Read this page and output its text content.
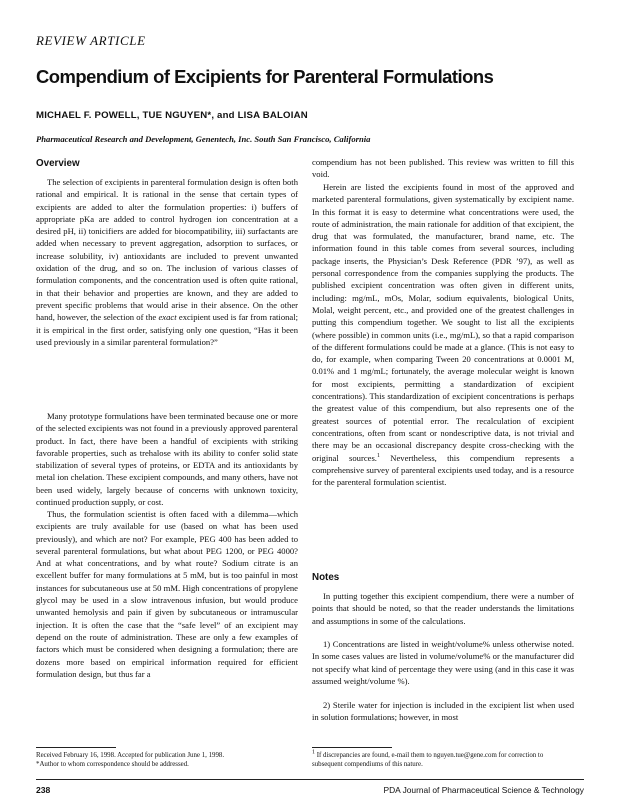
REVIEW ARTICLE
Compendium of Excipients for Parenteral Formulations

MICHAEL F. POWELL, TUE NGUYEN*, and LISA BALOIAN

Pharmaceutical Research and Development, Genentech, Inc. South San Francisco, California

Overview

The selection of excipients in parenteral formulation design is often both rational and empirical. It is rational in the sense that certain types of excipients are added to alter the formulation properties: i) buffers of appropriate pKa are added to control hydrogen ion concentration at a desired pH, ii) tonicifiers are added for biocompatibility, iii) surfactants are added when necessary to prevent aggregation, adsorption to surfaces, or increase solubility, iv) antioxidants are included to prevent unwanted oxidation of the drug, and so on. The inclusion of various classes of formulation components, and the concentration used is often quite rational, in that their behavior and properties are known, and they are added to prevent specific problems that would arise in their absence. On the other hand, however, the selection of the exact excipient used is far from rational; it is empirical in the first order, satisfying only one question, “Has it been used previously in a similar parenteral formulation?”

Many prototype formulations have been terminated because one or more of the selected excipients was not found in a previously approved parenteral product. In fact, there have been a handful of excipients with striking favorable properties, such as trehalose with its ability to confer solid state stabilization of several types of proteins, or EDTA and its antioxidants by metal ion chelation. These excipient compounds, and many others, have not been used widely, largely because of concerns with unknown toxicity, continued production supply, or cost.

Thus, the formulation scientist is often faced with a dilemma—which excipients are truly available for use (based on what has been used previously), and which are not? For example, PEG 400 has been added to several parenteral formulations, but what about PEG 1200, or PEG 4000? And at what concentrations, and by what route? Sodium citrate is an excellent buffer for many formulations at 5 mM, but is too painful in most instances for subcutaneous use at 50 mM. High concentrations of propylene glycol may be used in a slow intravenous infusion, but would produce unwanted hemolysis and pain if given by subcutaneous or intramuscular injection. It is often the case that the “safe level” of an excipient may depend on the route of administration. These are only a few examples of factors which must be considered when designing a formulation; there are dozens more based on empirical information required for efficient formulation design, but thus far a

compendium has not been published. This review was written to fill this void.

Herein are listed the excipients found in most of the approved and marketed parenteral formulations, given systematically by excipient name. In this format it is easy to determine what concentrations were used, the route of administration, the main rationale for addition of that excipient, the drug that was formulated, the manufacturer, brand name, etc. The information found in this table comes from several sources, including package inserts, the Physician’s Desk Reference (PDR ’97), as well as personal correspondence from the companies supplying the products. The published excipient concentration was often given in different units, including: mg/mL, mOs, Molar, sodium equivalents, biological Units, Molal, weight percent, etc., and provided one of the greatest challenges in putting this compendium together. We sought to list all the excipients (where possible) in common units (i.e., mg/mL), so that a rapid comparison of the different formulations could be made at a glance. (This is not easy to do, for example, when comparing Tween 20 concentrations at 0.0001 M, 0.01% and 1 mg/mL; fortunately, the average molecular weight is known for most excipients, permitting a standardization of excipient concentrations). This standardization of excipient concentrations is perhaps the greatest value of this compendium, but also represents one of the greatest sources of potential error. The recalculation of excipient concentrations, often from scant or nondescriptive data, is not trivial and there may be an occasional discrepancy despite cross-checking with the original sources.$^1$ Nevertheless, this compendium represents a comprehensive survey of parenteral excipients used today, and is a resource for the parenteral formulation scientist.

Notes

In putting together this excipient compendium, there were a number of points that should be noted, so that the reader understands the limitations and assumptions in some of the calculations.

1) Concentrations are listed in weight/volume% unless otherwise noted. In some cases values are listed in volume/volume% or the manufacturer did not specify what kind of percentage they were using (and in this case it was assumed weight/volume %).

2) Sterile water for injection is included in the excipient list when used in solution formulations; however, in most

Received February 16, 1998. Accepted for publication June 1, 1998.
*Author to whom correspondence should be addressed.

$^1$ If discrepancies are found, e-mail them to nguyen.tue@gene.com for correction to subsequent compendiums of this nature.

238	PDA Journal of Pharmaceutical Science & Technology
